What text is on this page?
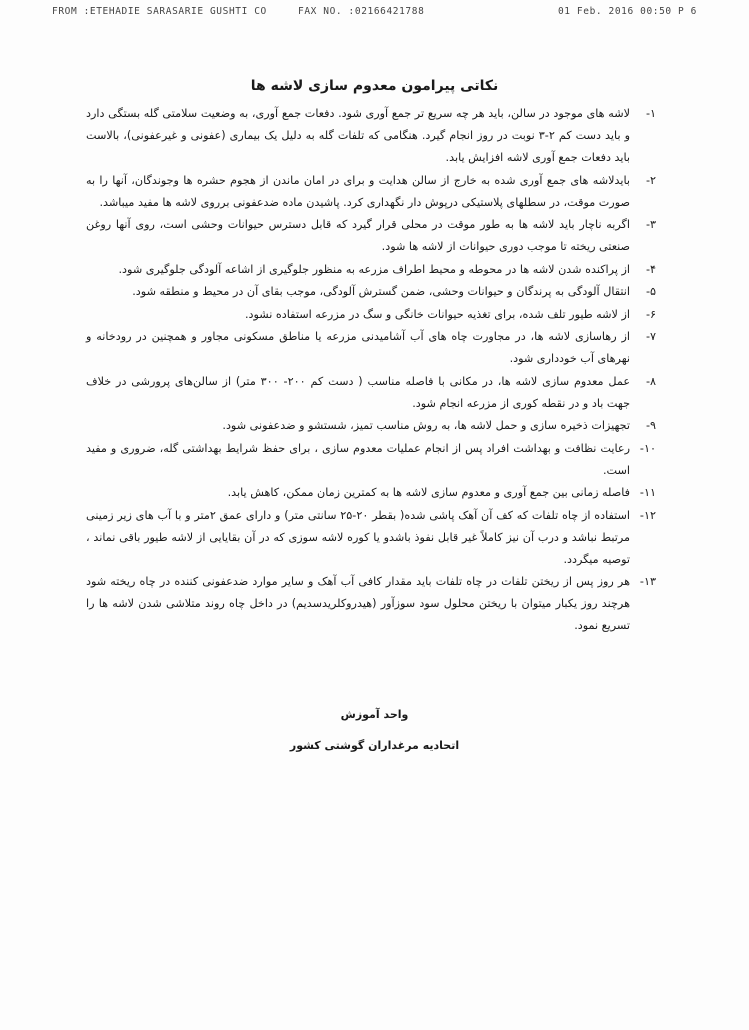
FROM :ETEHADIE SARASARIE GUSHTI CO	FAX NO. :02166421788	01 Feb. 2016 00:50 P 6
نکاتی پیرامون معدوم سازی لاشه ها
۱-
لاشه های موجود در سالن، باید هر چه سریع تر جمع آوری شود. دفعات جمع آوری، به وضعیت سلامتی گله بستگی دارد و باید دست کم ۲-۳ نوبت در روز انجام گیرد. هنگامی که تلفات گله به دلیل یک بیماری (عفونی و غیرعفونی)، بالاست باید دفعات جمع آوری لاشه افزایش یابد.
۲-
بایدلاشه های جمع آوری شده به خارج از سالن هدایت و برای در امان ماندن از هجوم حشره ها وجوندگان، آنها را به صورت موقت، در سطلهای پلاستیکی درپوش دار نگهداری کرد. پاشیدن ماده ضدعفونی برروی لاشه ها مفید میباشد.
۳-
اگربه ناچار باید لاشه ها به طور موقت در محلی قرار گیرد که قابل دسترس حیوانات وحشی است، روی آنها روغن صنعتی ریخته تا موجب دوری حیوانات از لاشه ها شود.
۴-
از پراکنده شدن لاشه ها در محوطه و محیط اطراف مزرعه به منظور جلوگیری از اشاعه آلودگی جلوگیری شود.
۵-
انتقال آلودگی به پرندگان و حیوانات وحشی، ضمن گسترش آلودگی، موجب بقای آن در محیط و منطقه شود.
۶-
از لاشه طیور تلف شده، برای تغذیه حیوانات خانگی و سگ در مزرعه استفاده نشود.
۷-
از رهاسازی لاشه ها، در مجاورت چاه های آب آشامیدنی مزرعه یا مناطق مسکونی مجاور و همچنین در رودخانه و نهرهای آب خودداری شود.
۸-
عمل معدوم سازی لاشه ها، در مکانی با فاصله مناسب ( دست کم ۲۰۰- ۳۰۰ متر) از سالن‌های پرورشی در خلاف جهت باد و در نقطه کوری از مزرعه انجام شود.
۹-
تجهیزات ذخیره سازی و حمل لاشه ها، به روش مناسب تمیز، شستشو و ضدعفونی شود.
۱۰-
رعایت نظافت و بهداشت افراد پس از انجام عملیات معدوم سازی ، برای حفظ شرایط بهداشتی گله، ضروری و مفید است.
۱۱-
فاصله زمانی بین جمع آوری و معدوم سازی لاشه ها به کمترین زمان ممکن، کاهش یابد.
۱۲-
استفاده از چاه تلفات که کف آن آهک پاشی شده( بقطر ۲۰-۲۵ سانتی متر) و دارای عمق ۲متر و با آب های زیر زمینی مرتبط نباشد و درب آن نیز کاملاً غیر قابل نفوذ باشدو یا کوره لاشه سوزی که در آن بقایایی از لاشه طیور باقی نماند ، توصیه میگردد.
۱۳-
هر روز پس از ریختن تلفات در چاه تلفات باید مقدار کافی آب آهک و سایر موارد ضدعفونی کننده در چاه ریخته شود هرچند روز یکبار میتوان با ریختن محلول سود سوزآور (هیدروکلریدسدیم) در داخل چاه روند متلاشی شدن لاشه ها را تسریع نمود.

واحد آموزش

اتحادیه مرغداران گوشتی کشور
